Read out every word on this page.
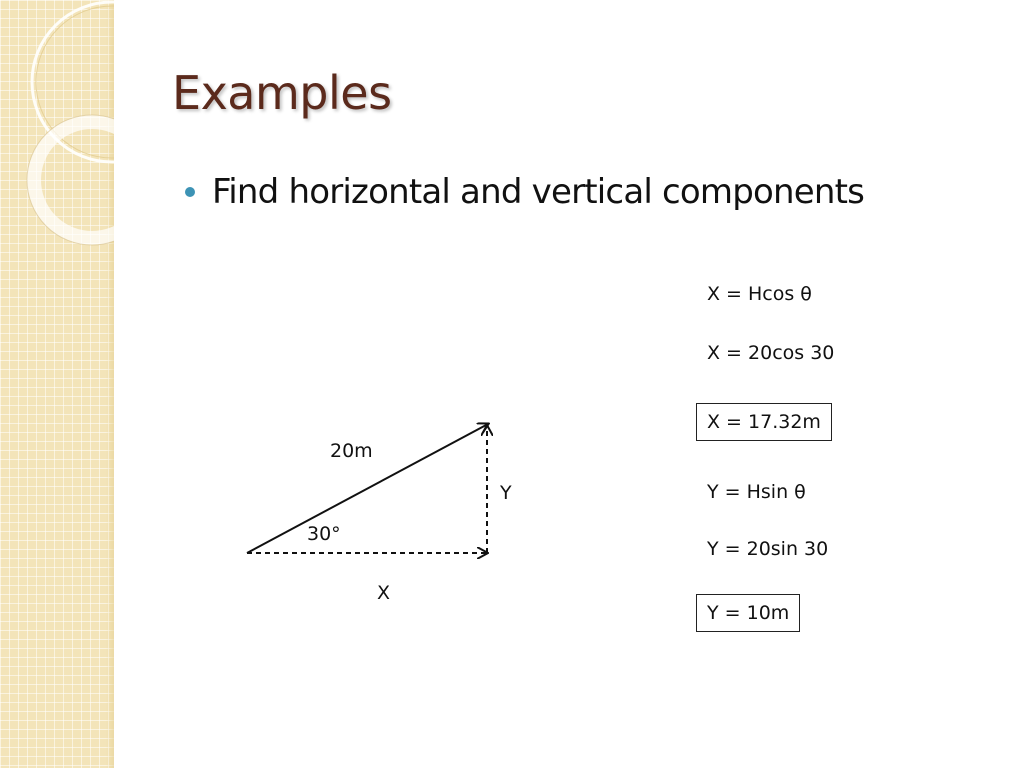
Examples
Find horizontal and vertical components
20m
30°
Y
X
X = Hcos θ
X = 20cos 30
X = 17.32m
Y = Hsin θ
Y = 20sin 30
Y = 10m
